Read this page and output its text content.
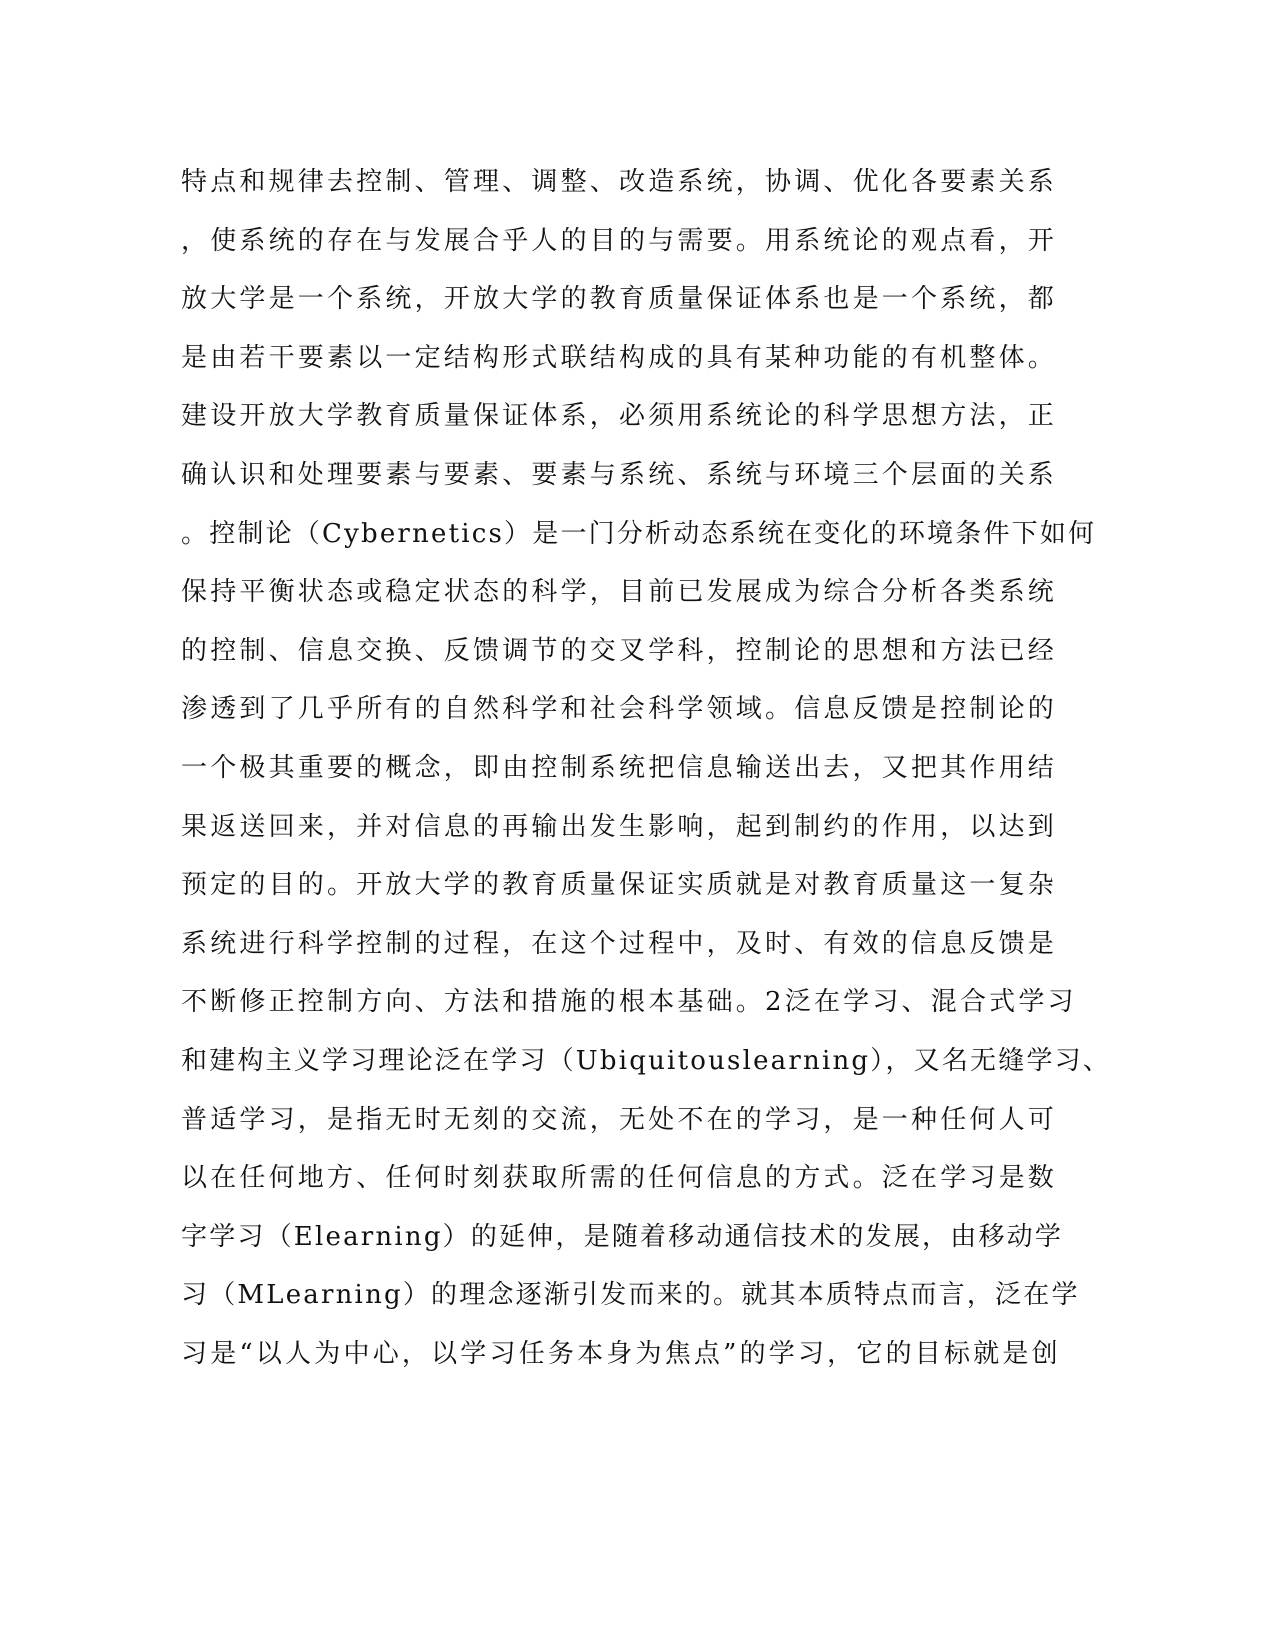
特点和规律去控制、管理、调整、改造系统，协调、优化各要素关系
，使系统的存在与发展合乎人的目的与需要。用系统论的观点看，开
放大学是一个系统，开放大学的教育质量保证体系也是一个系统，都
是由若干要素以一定结构形式联结构成的具有某种功能的有机整体。
建设开放大学教育质量保证体系，必须用系统论的科学思想方法，正
确认识和处理要素与要素、要素与系统、系统与环境三个层面的关系
。控制论（Cybernetics）是一门分析动态系统在变化的环境条件下如何
保持平衡状态或稳定状态的科学，目前已发展成为综合分析各类系统
的控制、信息交换、反馈调节的交叉学科，控制论的思想和方法已经
渗透到了几乎所有的自然科学和社会科学领域。信息反馈是控制论的
一个极其重要的概念，即由控制系统把信息输送出去，又把其作用结
果返送回来，并对信息的再输出发生影响，起到制约的作用，以达到
预定的目的。开放大学的教育质量保证实质就是对教育质量这一复杂
系统进行科学控制的过程，在这个过程中，及时、有效的信息反馈是
不断修正控制方向、方法和措施的根本基础。2泛在学习、混合式学习
和建构主义学习理论泛在学习（Ubiquitouslearning），又名无缝学习、
普适学习，是指无时无刻的交流，无处不在的学习，是一种任何人可
以在任何地方、任何时刻获取所需的任何信息的方式。泛在学习是数
字学习（Elearning）的延伸，是随着移动通信技术的发展，由移动学
习（MLearning）的理念逐渐引发而来的。就其本质特点而言，泛在学
习是“以人为中心，以学习任务本身为焦点”的学习，它的目标就是创
